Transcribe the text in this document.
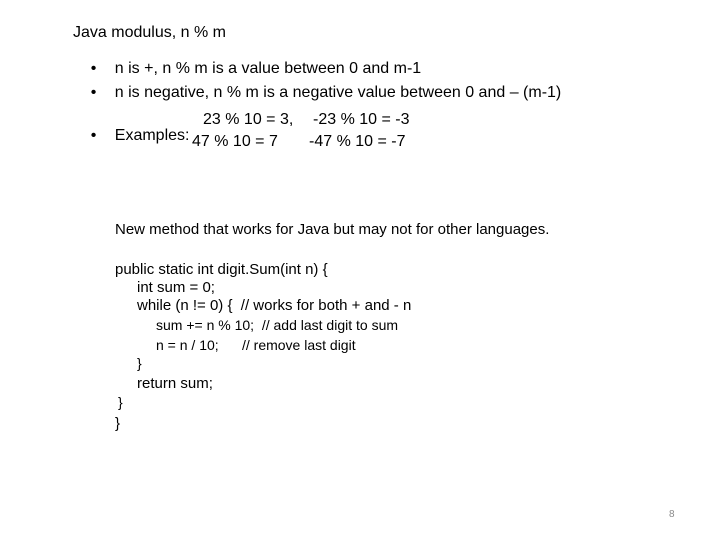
Java modulus, n % m

• n is +, n % m is a value between 0 and m-1

• n is negative, n % m is a negative value between 0 and – (m-1)

• Examples:

23 % 10 = 3, -23 % 10 = -3
47 % 10 = 7 -47 % 10 = -7
New method that works for Java but may not for other languages.
public static int digit.Sum(int n) {
int sum = 0;
while (n != 0) {  // works for both + and - n
sum += n % 10;  // add last digit to sum
n = n / 10;      // remove last digit
}
return sum;
}
}
8
